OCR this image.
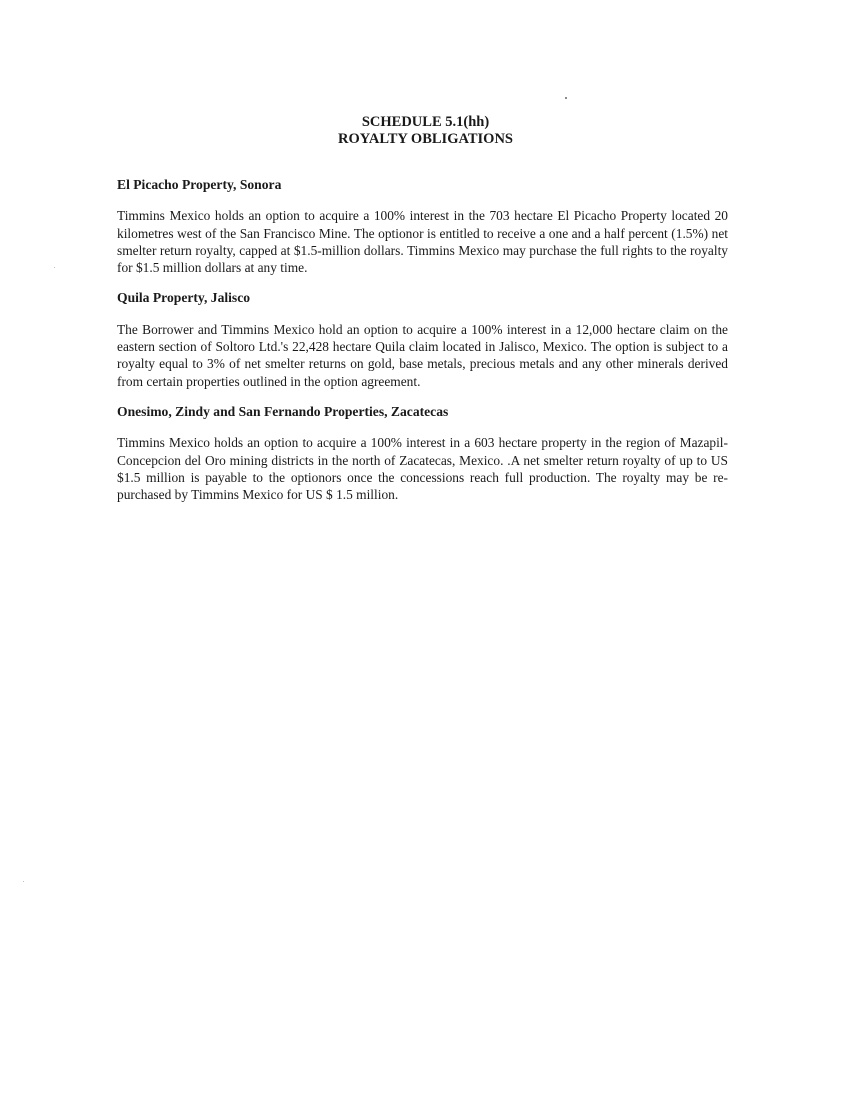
SCHEDULE 5.1(hh)
ROYALTY OBLIGATIONS

El Picacho Property, Sonora

Timmins Mexico holds an option to acquire a 100% interest in the 703 hectare El Picacho Property located 20 kilometres west of the San Francisco Mine. The optionor is entitled to receive a one and a half percent (1.5%) net smelter return royalty, capped at $1.5-million dollars. Timmins Mexico may purchase the full rights to the royalty for $1.5 million dollars at any time.

Quila Property, Jalisco

The Borrower and Timmins Mexico hold an option to acquire a 100% interest in a 12,000 hectare claim on the eastern section of Soltoro Ltd.'s 22,428 hectare Quila claim located in Jalisco, Mexico. The option is subject to a royalty equal to 3% of net smelter returns on gold, base metals, precious metals and any other minerals derived from certain properties outlined in the option agreement.

Onesimo, Zindy and San Fernando Properties, Zacatecas

Timmins Mexico holds an option to acquire a 100% interest in a 603 hectare property in the region of Mazapil-Concepcion del Oro mining districts in the north of Zacatecas, Mexico. .A net smelter return royalty of up to US $1.5 million is payable to the optionors once the concessions reach full production. The royalty may be re-purchased by Timmins Mexico for US $ 1.5 million.
